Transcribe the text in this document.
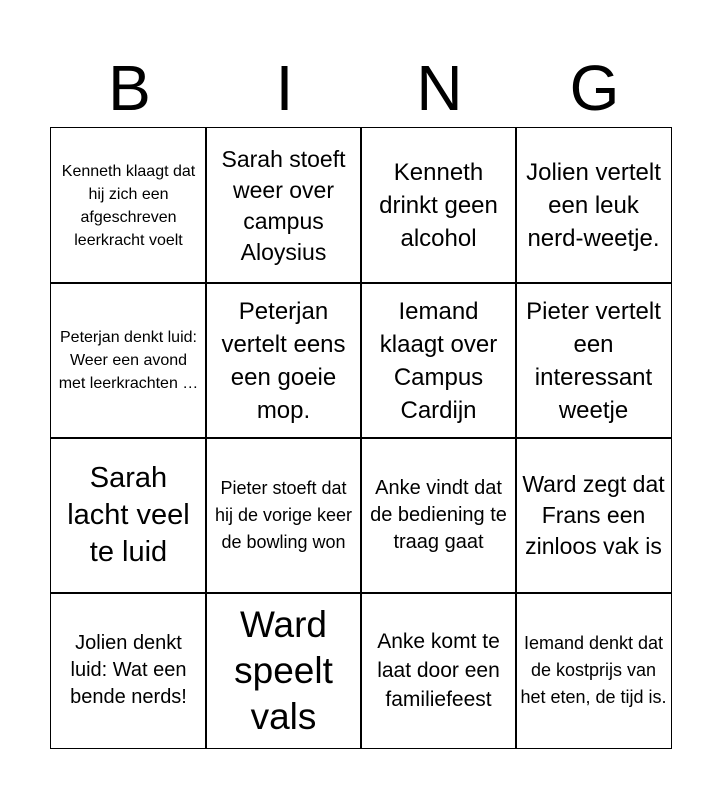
B	I	N	G
Kenneth klaagt dat hij zich een afgeschreven leerkracht voelt
Sarah stoeft weer over campus Aloysius
Kenneth drinkt geen alcohol
Jolien vertelt een leuk nerd-weetje.
Peterjan denkt luid: Weer een avond met leerkrachten …
Peterjan vertelt eens een goeie mop.
Iemand klaagt over Campus Cardijn
Pieter vertelt een interessant weetje
Sarah lacht veel te luid
Pieter stoeft dat hij de vorige keer de bowling won
Anke vindt dat de bediening te traag gaat
Ward zegt dat Frans een zinloos vak is
Jolien denkt luid: Wat een bende nerds!
Ward speelt vals
Anke komt te laat door een familiefeest
Iemand denkt dat de kostprijs van het eten, de tijd is.
